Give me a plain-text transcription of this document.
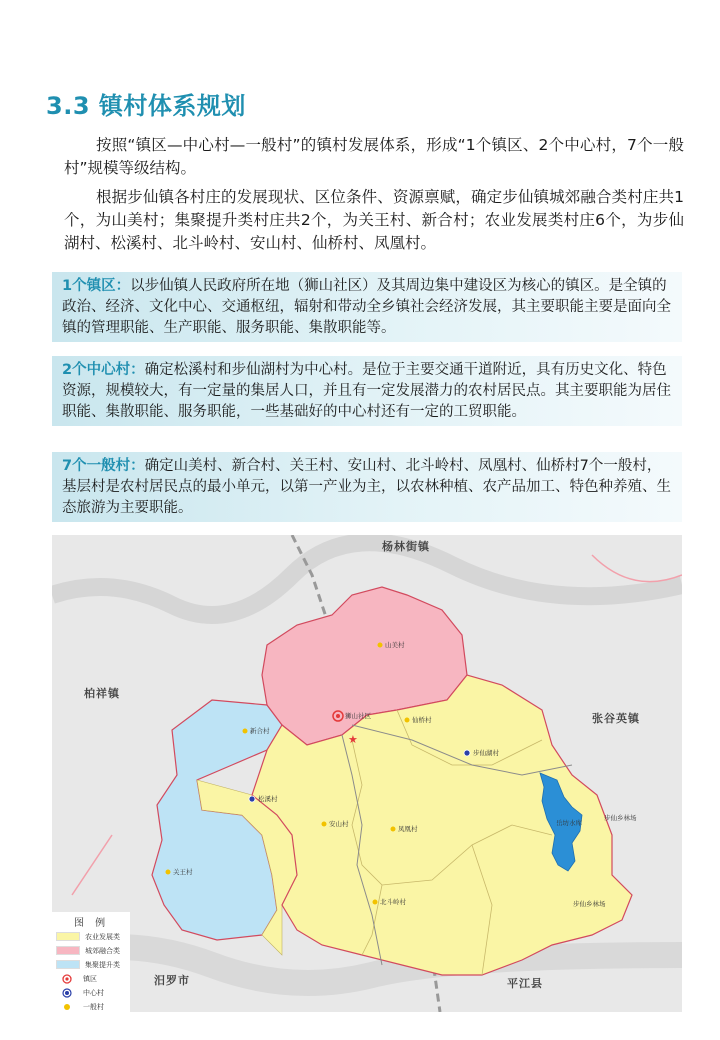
3.3 镇村体系规划
按照“镇区—中心村—一般村”的镇村发展体系，形成“1个镇区、2个中心村，7个一般村”规模等级结构。
根据步仙镇各村庄的发展现状、区位条件、资源禀赋，确定步仙镇城郊融合类村庄共1个，为山美村；集聚提升类村庄共2个，为关王村、新合村；农业发展类村庄6个，为步仙湖村、松溪村、北斗岭村、安山村、仙桥村、凤凰村。
1个镇区：以步仙镇人民政府所在地（狮山社区）及其周边集中建设区为核心的镇区。是全镇的政治、经济、文化中心、交通枢纽，辐射和带动全乡镇社会经济发展，其主要职能主要是面向全镇的管理职能、生产职能、服务职能、集散职能等。
2个中心村：确定松溪村和步仙湖村为中心村。是位于主要交通干道附近，具有历史文化、特色资源，规模较大，有一定量的集居人口，并且有一定发展潜力的农村居民点。其主要职能为居住职能、集散职能、服务职能，一些基础好的中心村还有一定的工贸职能。
7个一般村：确定山美村、新合村、关王村、安山村、北斗岭村、凤凰村、仙桥村7个一般村，基层村是农村居民点的最小单元，以第一产业为主，以农林种植、农产品加工、特色种养殖、生态旅游为主要职能。
杨林街镇
柏祥镇
张谷英镇
汨罗市	平江县
狮山社区
★
山美村
新合村
仙桥村
安山村
凤凰村
关王村
北斗岭村
松溪村
步仙湖村
岳坊水库
步仙乡林场
步仙乡林场
图 例
农业发展类
城郊融合类
集聚提升类
镇区
中心村
一般村
